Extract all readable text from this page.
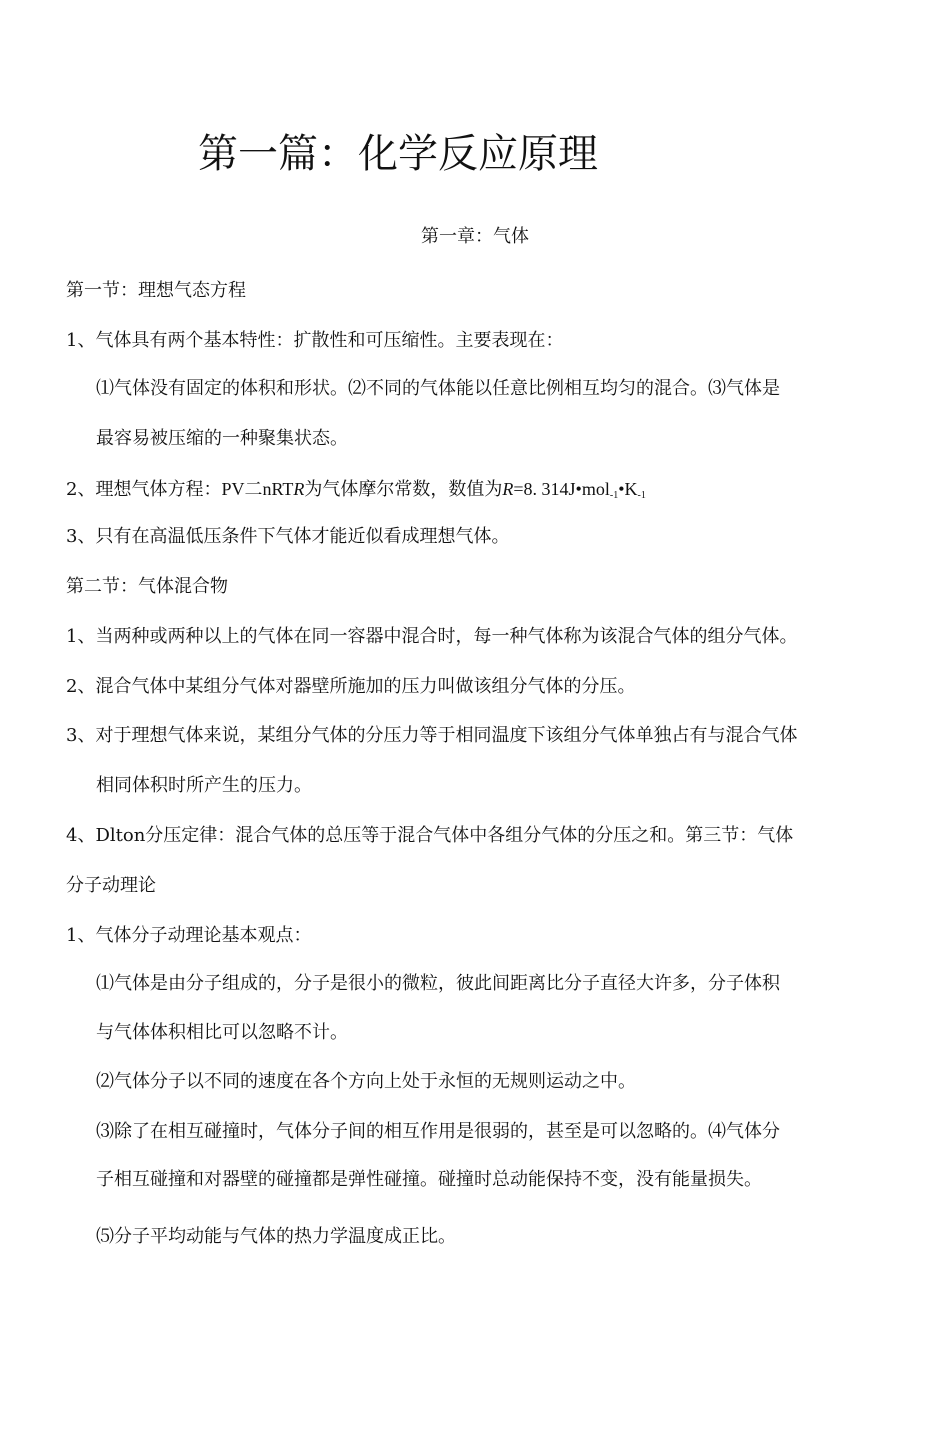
第一篇：化学反应原理
第一章：气体
第一节：理想气态方程
1、气体具有两个基本特性：扩散性和可压缩性。主要表现在：
⑴气体没有固定的体积和形状。⑵不同的气体能以任意比例相互均匀的混合。⑶气体是
最容易被压缩的一种聚集状态。
2、理想气体方程：PV二nRTR为气体摩尔常数，数值为R=8. $314J•mol_{-1}•K_{-1}$
3、只有在高温低压条件下气体才能近似看成理想气体。
第二节：气体混合物
1、当两种或两种以上的气体在同一容器中混合时，每一种气体称为该混合气体的组分气体。
2、混合气体中某组分气体对器壁所施加的压力叫做该组分气体的分压。
3、对于理想气体来说，某组分气体的分压力等于相同温度下该组分气体单独占有与混合气体
相同体积时所产生的压力。
4、Dlton分压定律：混合气体的总压等于混合气体中各组分气体的分压之和。第三节：气体
分子动理论
1、气体分子动理论基本观点：
⑴气体是由分子组成的，分子是很小的微粒，彼此间距离比分子直径大许多，分子体积
与气体体积相比可以忽略不计。
⑵气体分子以不同的速度在各个方向上处于永恒的无规则运动之中。
⑶除了在相互碰撞时，气体分子间的相互作用是很弱的，甚至是可以忽略的。⑷气体分
子相互碰撞和对器壁的碰撞都是弹性碰撞。碰撞时总动能保持不变，没有能量损失。
⑸分子平均动能与气体的热力学温度成正比。
